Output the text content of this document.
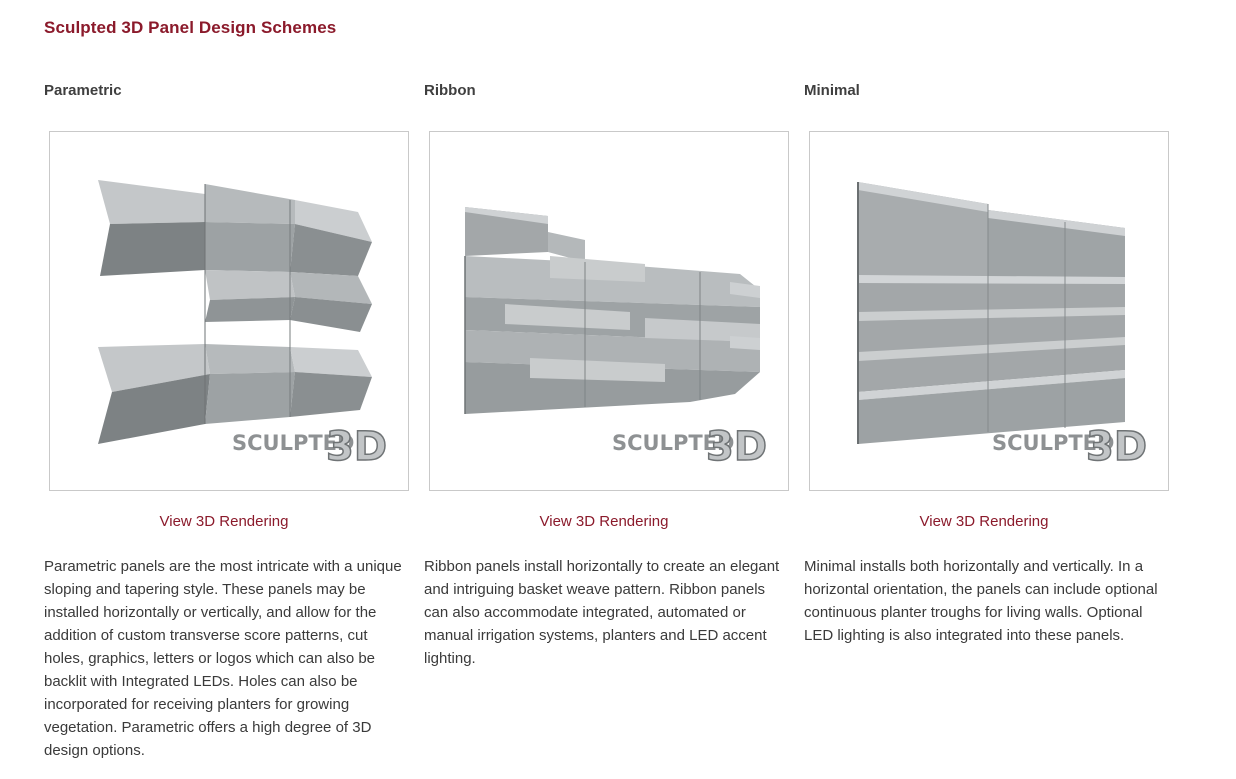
Sculpted 3D Panel Design Schemes
Parametric
SCULPTED
3D
View 3D Rendering

Parametric panels are the most intricate with a unique sloping and tapering style. These panels may be installed horizontally or vertically, and allow for the addition of custom transverse score patterns, cut holes, graphics, letters or logos which can also be backlit with Integrated LEDs. Holes can also be incorporated for receiving planters for growing vegetation. Parametric offers a high degree of 3D design options.

Ribbon
SCULPTED
3D
View 3D Rendering

Ribbon panels install horizontally to create an elegant and intriguing basket weave pattern. Ribbon panels can also accommodate integrated, automated or manual irrigation systems, planters and LED accent lighting.

Minimal
SCULPTED
3D
View 3D Rendering

Minimal installs both horizontally and vertically. In a horizontal orientation, the panels can include optional continuous planter troughs for living walls. Optional LED lighting is also integrated into these panels.
